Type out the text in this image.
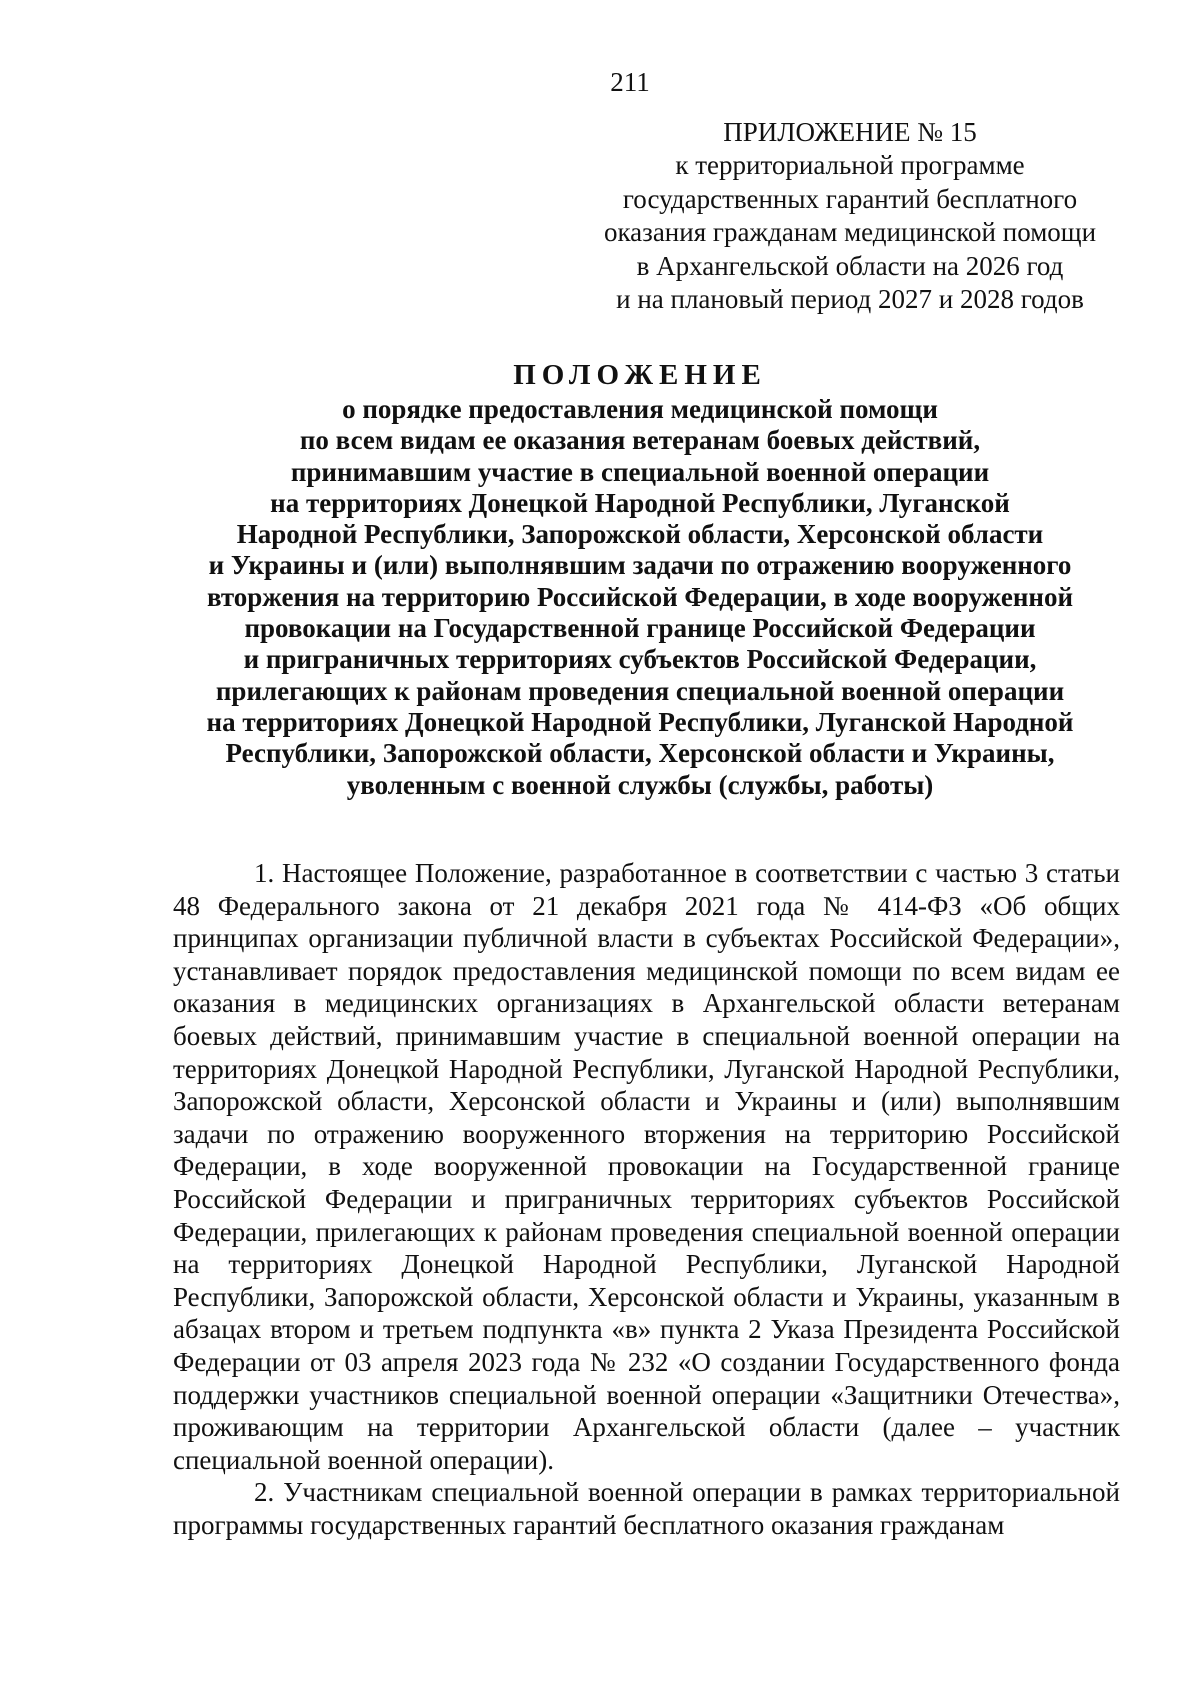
211
ПРИЛОЖЕНИЕ № 15
к территориальной программе
государственных гарантий бесплатного
оказания гражданам медицинской помощи
в Архангельской области на 2026 год
и на плановый период 2027 и 2028 годов
ПОЛОЖЕНИЕ
о порядке предоставления медицинской помощи
по всем видам ее оказания ветеранам боевых действий,
принимавшим участие в специальной военной операции
на территориях Донецкой Народной Республики, Луганской
Народной Республики, Запорожской области, Херсонской области
и Украины и (или) выполнявшим задачи по отражению вооруженного
вторжения на территорию Российской Федерации, в ходе вооруженной
провокации на Государственной границе Российской Федерации
и приграничных территориях субъектов Российской Федерации,
прилегающих к районам проведения специальной военной операции
на территориях Донецкой Народной Республики, Луганской Народной
Республики, Запорожской области, Херсонской области и Украины,
уволенным с военной службы (службы, работы)

1. Настоящее Положение, разработанное в соответствии с частью 3 статьи 48 Федерального закона от 21 декабря 2021 года № 414-ФЗ «Об общих принципах организации публичной власти в субъектах Российской Федерации», устанавливает порядок предоставления медицинской помощи по всем видам ее оказания в медицинских организациях в Архангельской области ветеранам боевых действий, принимавшим участие в специальной военной операции на территориях Донецкой Народной Республики, Луганской Народной Республики, Запорожской области, Херсонской области и Украины и (или) выполнявшим задачи по отражению вооруженного вторжения на территорию Российской Федерации, в ходе вооруженной провокации на Государственной границе Российской Федерации и приграничных территориях субъектов Российской Федерации, прилегающих к районам проведения специальной военной операции на территориях Донецкой Народной Республики, Луганской Народной Республики, Запорожской области, Херсонской области и Украины, указанным в абзацах втором и третьем подпункта «в» пункта 2 Указа Президента Российской Федерации от 03 апреля 2023 года № 232 «О создании Государственного фонда поддержки участников специальной военной операции «Защитники Отечества», проживающим на территории Архангельской области (далее – участник специальной военной операции).

2. Участникам специальной военной операции в рамках территориальной программы государственных гарантий бесплатного оказания гражданам
